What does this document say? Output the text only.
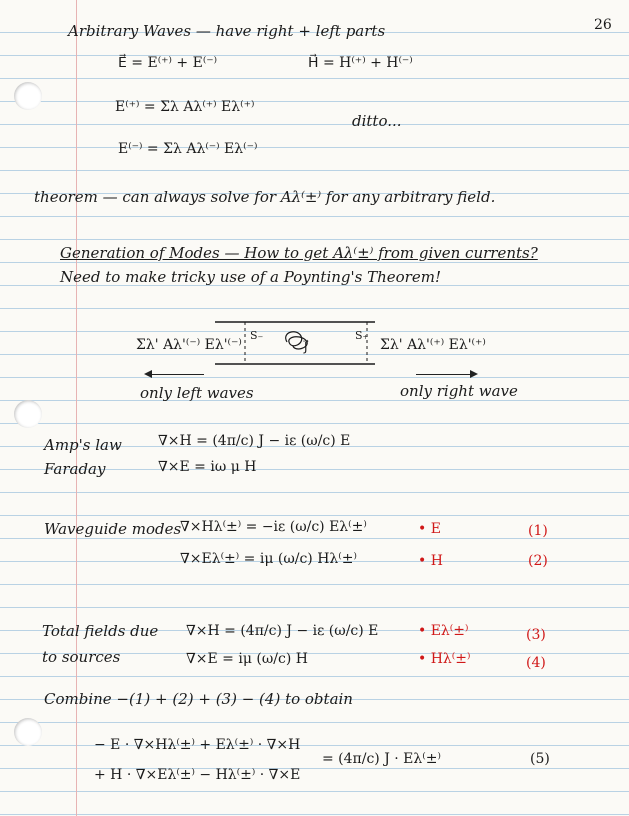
26
Arbitrary Waves — have right + left parts
E⃗ = E⁽⁺⁾ + E⁽⁻⁾	H⃗ = H⁽⁺⁾ + H⁽⁻⁾
E⁽⁺⁾ = Σλ Aλ⁽⁺⁾ Eλ⁽⁺⁾
ditto...
E⁽⁻⁾ = Σλ Aλ⁽⁻⁾ Eλ⁽⁻⁾
theorem — can always solve for Aλ⁽±⁾ for any arbitrary field.
Generation of Modes — How to get Aλ⁽±⁾ from given currents?
Need to make tricky use of a Poynting's Theorem!
Σλ' Aλ'⁽⁻⁾ Eλ'⁽⁻⁾
S₋
J⃗
S₊
Σλ' Aλ'⁽⁺⁾ Eλ'⁽⁺⁾
only left waves	only right wave
Amp's law	∇×H = (4π/c) J − iε (ω/c) E
Faraday	∇×E = iω μ H
Waveguide modes
∇×Hλ⁽±⁾ = −iε (ω/c) Eλ⁽±⁾	• E	(1)
∇×Eλ⁽±⁾ = iμ (ω/c) Hλ⁽±⁾	• H	(2)
Total fields due
to sources
∇×H = (4π/c) J − iε (ω/c) E	• Eλ⁽±⁾	(3)
∇×E = iμ (ω/c) H	• Hλ⁽±⁾	(4)
Combine −(1) + (2) + (3) − (4) to obtain
− E · ∇×Hλ⁽±⁾ + Eλ⁽±⁾ · ∇×H
+ H · ∇×Eλ⁽±⁾ − Hλ⁽±⁾ · ∇×E
= (4π/c) J · Eλ⁽±⁾	(5)
